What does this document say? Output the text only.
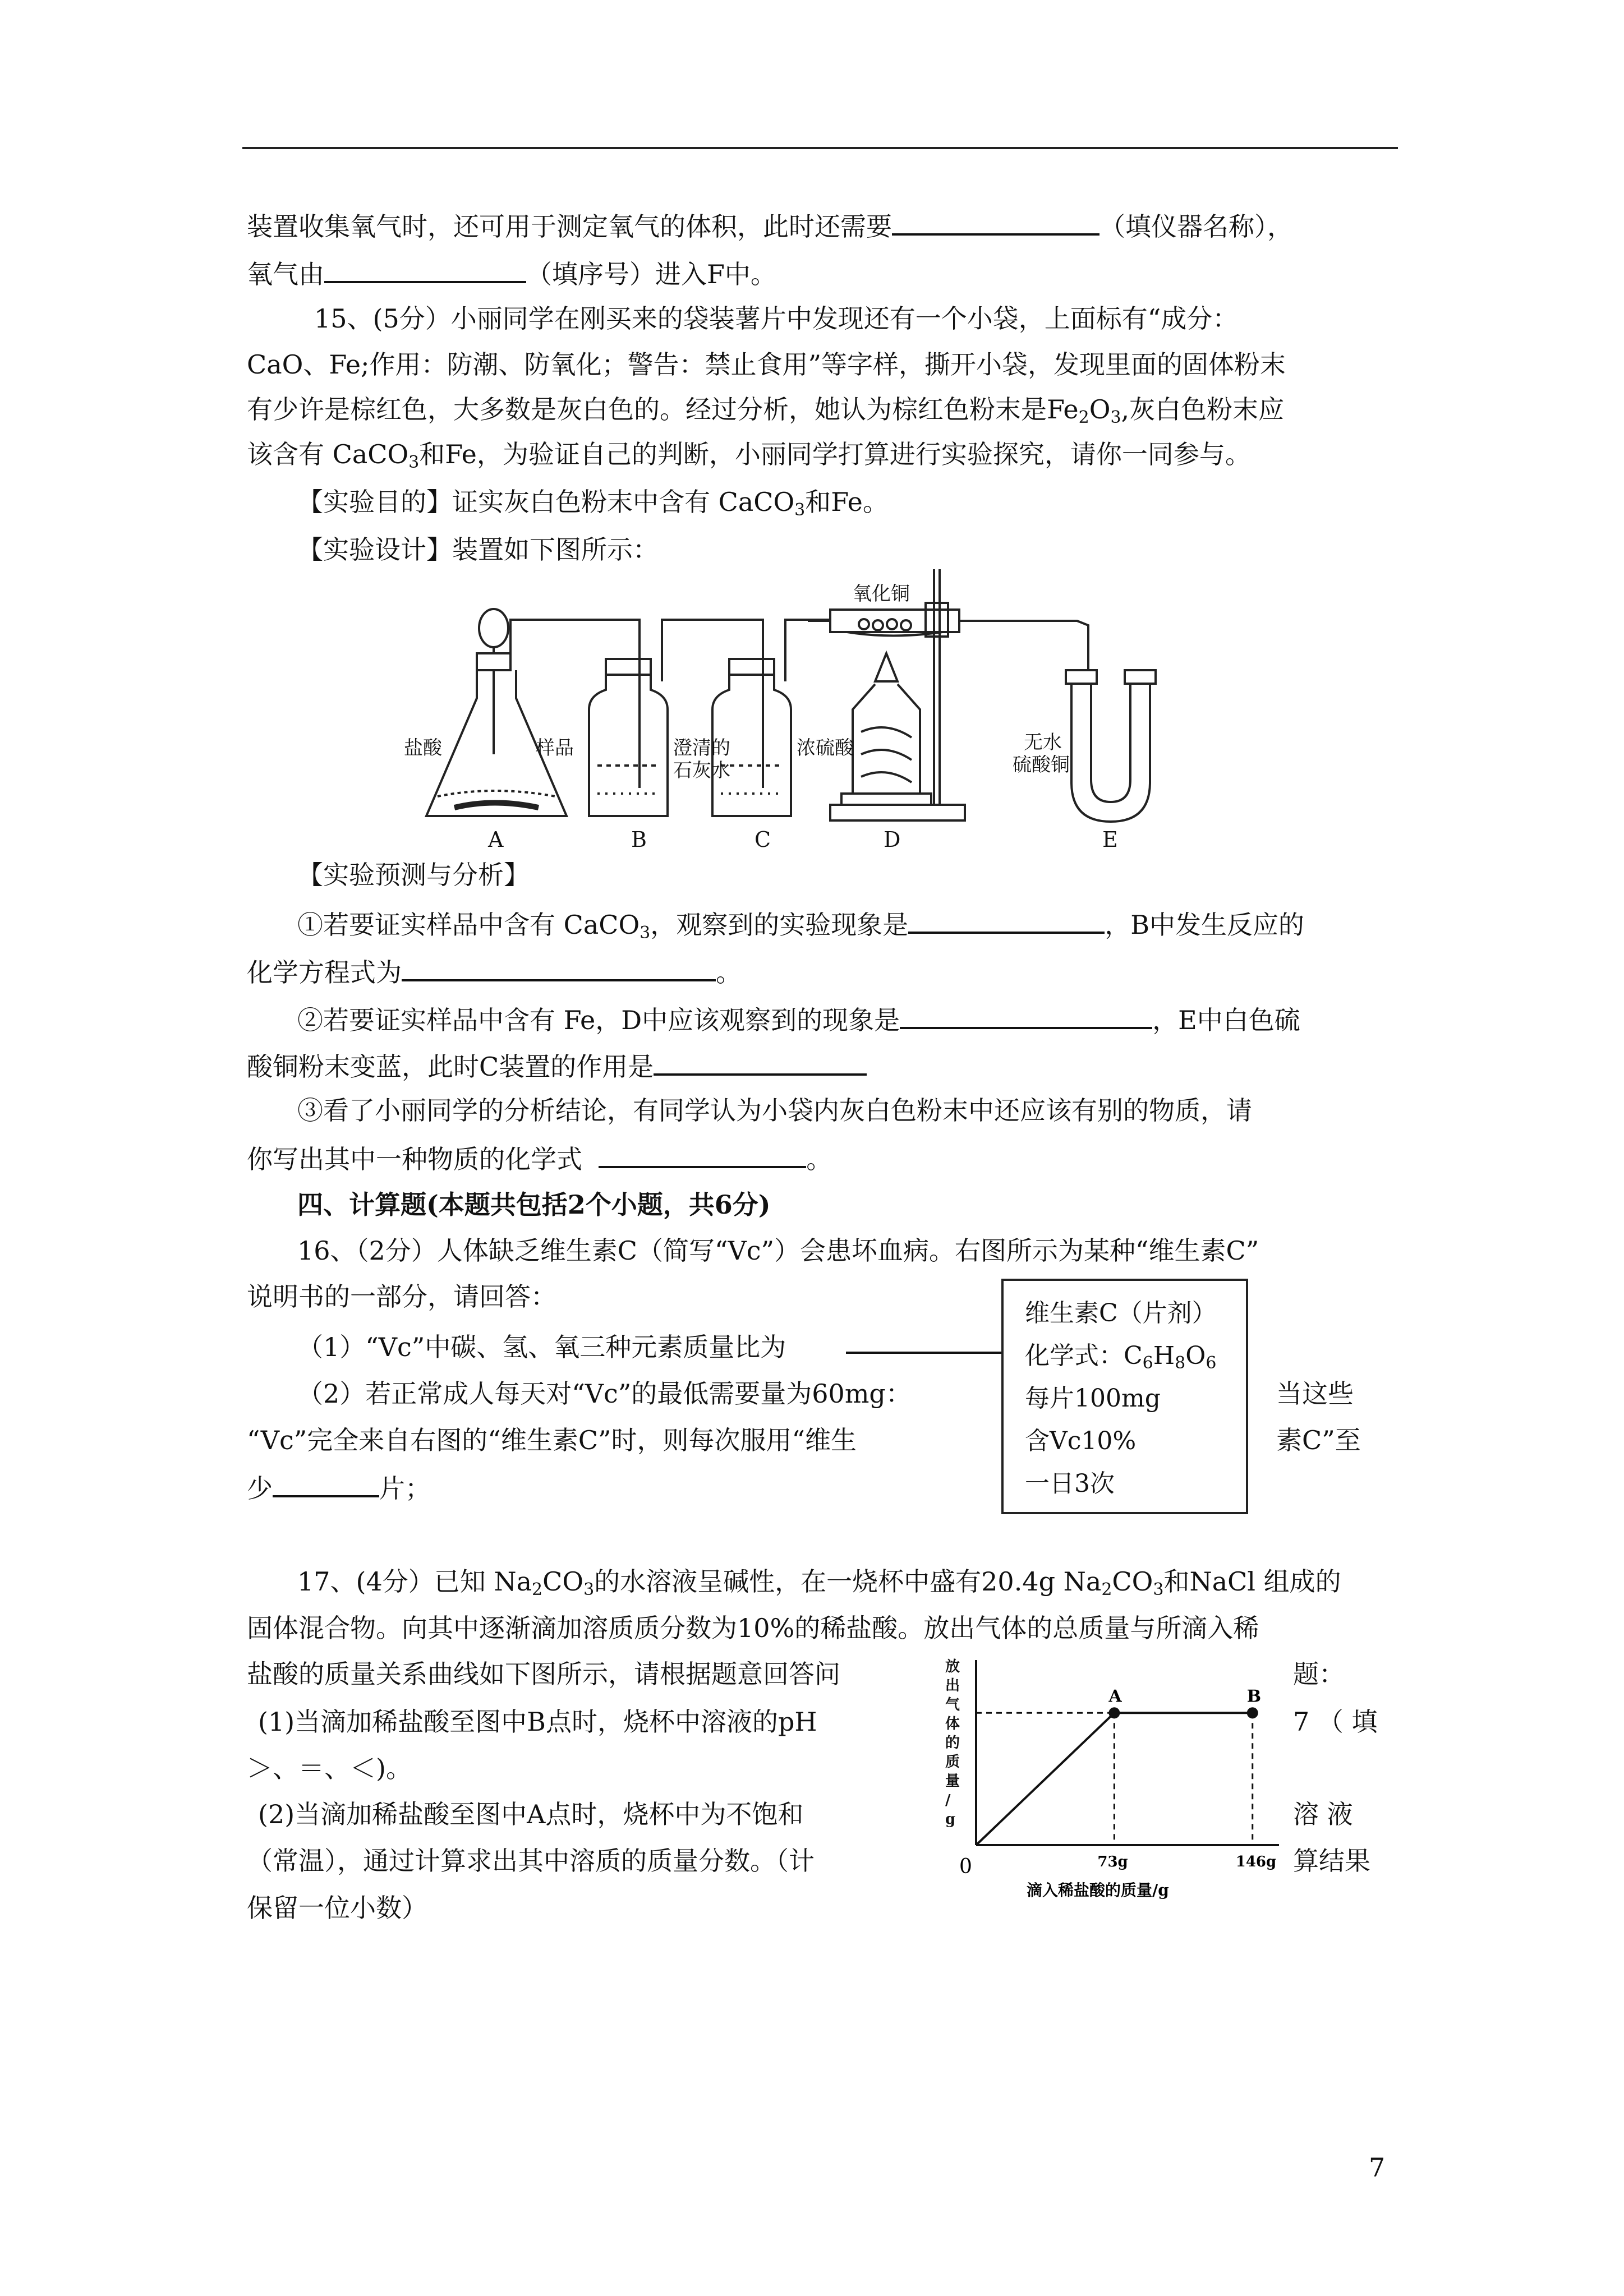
装置收集氧气时，还可用于测定氧气的体积，此时还需要	（填仪器名称），
氧气由	（填序号）进入F中。
15、(5分）小丽同学在刚买来的袋装薯片中发现还有一个小袋，上面标有“成分：
CaO、Fe;作用：防潮、防氧化；警告：禁止食用”等字样，撕开小袋，发现里面的固体粉末
有少许是棕红色，大多数是灰白色的。经过分析，她认为棕红色粉末是$Fe_2O_3$,灰白色粉末应
该含有 CaCO$_3$和Fe，为验证自己的判断，小丽同学打算进行实验探究，请你一同参与。
【实验目的】证实灰白色粉末中含有 CaCO$_3$和Fe。
【实验设计】装置如下图所示：
盐酸	样品	澄清的
石灰水
浓硫酸
氧化铜
无水
硫酸铜
A	B	C	D	E
【实验预测与分析】
①若要证实样品中含有 CaCO$_3$，观察到的实验现象是	，B中发生反应的
化学方程式为	。
②若要证实样品中含有 Fe，D中应该观察到的现象是	，E中白色硫
酸铜粉末变蓝，此时C装置的作用是
③看了小丽同学的分析结论，有同学认为小袋内灰白色粉末中还应该有别的物质，请
你写出其中一种物质的化学式	。
四、计算题(本题共包括2个小题，共6分)
16、（2分）人体缺乏维生素C（简写“Vc”）会患坏血病。右图所示为某种“维生素C”
说明书的一部分，请回答：
（1）“Vc”中碳、氢、氧三种元素质量比为
（2）若正常成人每天对“Vc”的最低需要量为60mg：	当这些
“Vc”完全来自右图的“维生素C”时，则每次服用“维生	素C”至
少	片；
维生素C（片剂）
化学式：$C_6H_8O_6$
每片100mg
含Vc10%
一日3次
17、(4分）已知 $Na_2CO_3$的水溶液呈碱性，在一烧杯中盛有20.4g $Na_2CO_3$和NaCl 组成的
固体混合物。向其中逐渐滴加溶质质分数为10%的稀盐酸。放出气体的总质量与所滴入稀
盐酸的质量关系曲线如下图所示，请根据题意回答问	题：
(1)当滴加稀盐酸至图中B点时，烧杯中溶液的pH	7 （ 填
＞、＝、＜)。
(2)当滴加稀盐酸至图中A点时，烧杯中为不饱和	溶 液
（常温），通过计算求出其中溶质的质量分数。（计	算结果
保留一位小数）
放
出
气
体
的
质
量
/
g
A
73g
B
146g
0
滴入稀盐酸的质量/g
7
